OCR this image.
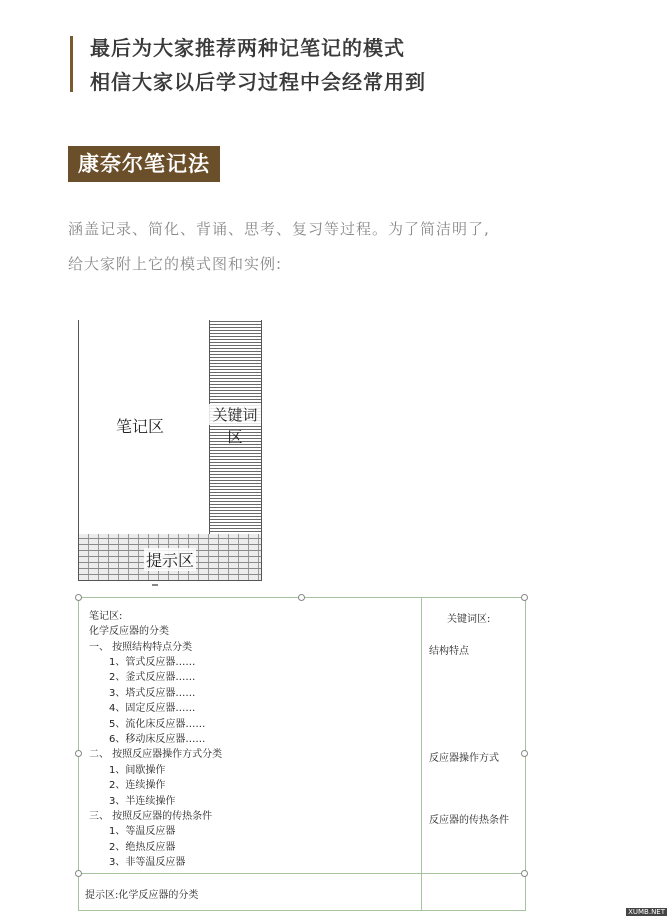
最后为大家推荐两种记笔记的模式
相信大家以后学习过程中会经常用到
康奈尔笔记法
涵盖记录、简化、背诵、思考、复习等过程。为了简洁明了,
给大家附上它的模式图和实例:
笔记区
关键词
区
提示区
笔记区:	关键词区:
化学反应器的分类
一、 按照结构特点分类
1、管式反应器……
2、釜式反应器……
3、塔式反应器……
4、固定反应器……
5、流化床反应器……
6、移动床反应器……
二、 按照反应器操作方式分类
1、间歇操作
2、连续操作
3、半连续操作
三、 按照反应器的传热条件
1、等温反应器
2、绝热反应器
3、非等温反应器
结构特点
反应器操作方式
反应器的传热条件
提示区:化学反应器的分类
XUMB.NET
